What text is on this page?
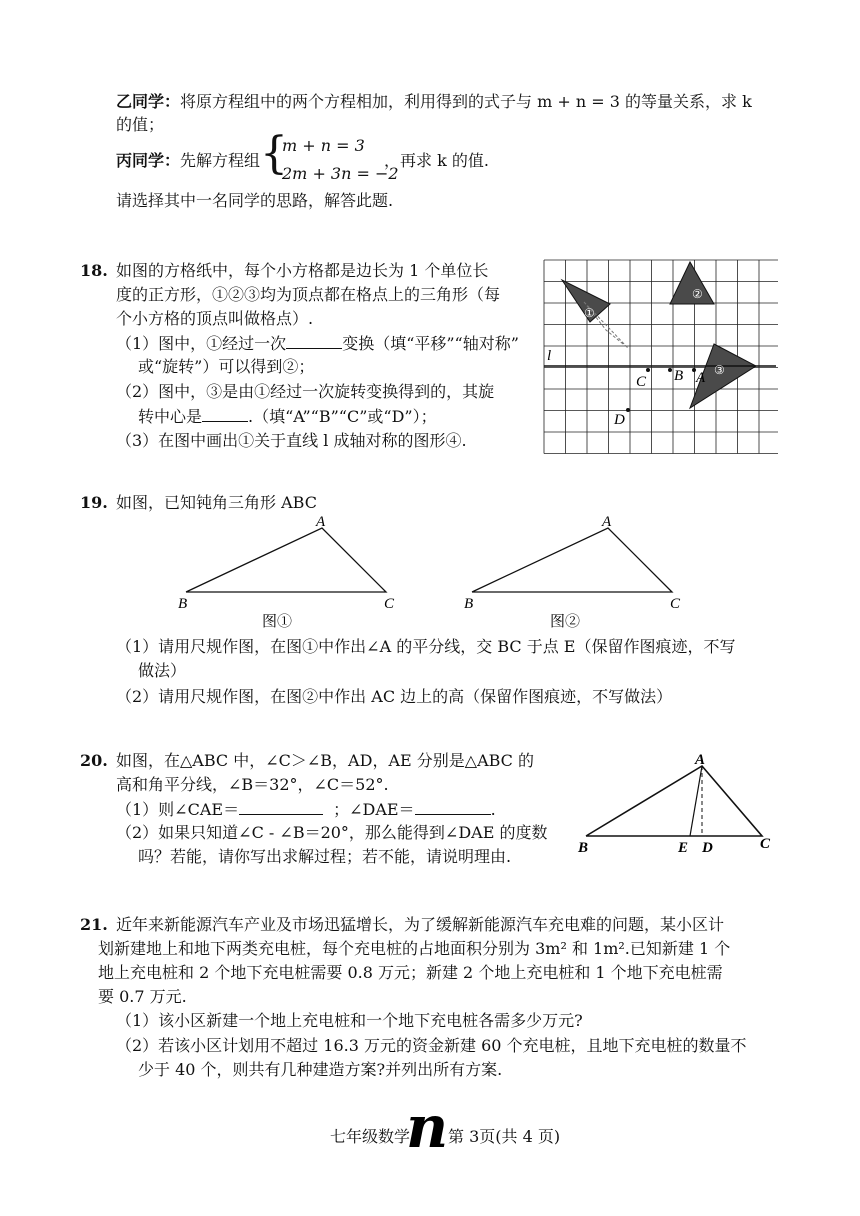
乙同学：将原方程组中的两个方程相加，利用得到的式子与 m + n = 3 的等量关系，求 k
的值；
丙同学：先解方程组 {
m + n = 3
2m + 3n = −2
，再求 k 的值.
请选择其中一名同学的思路，解答此题.
18. 如图的方格纸中，每个小方格都是边长为 1 个单位长
度的正方形，①②③均为顶点都在格点上的三角形（每
个小方格的顶点叫做格点）.
（1）图中，①经过一次	变换（填“平移”“轴对称”
或“旋转”）可以得到②；
（2）图中，③是由①经过一次旋转变换得到的，其旋
转中心是	.（填“A”“B”“C”或“D”）；
（3）在图中画出①关于直线 l 成轴对称的图形④.
l
①
②
③
C B A
D
19. 如图，已知钝角三角形 ABC
A
B	C
图①
A
B	C
图②
（1）请用尺规作图，在图①中作出∠A 的平分线，交 BC 于点 E（保留作图痕迹，不写
做法）
（2）请用尺规作图，在图②中作出 AC 边上的高（保留作图痕迹，不写做法）
20. 如图，在△ABC 中，∠C＞∠B，AD，AE 分别是△ABC 的
高和角平分线，∠B＝32°，∠C＝52°.
（1）则∠CAE＝	；∠DAE＝	.
（2）如果只知道∠C - ∠B＝20°，那么能得到∠DAE 的度数
吗？若能，请你写出求解过程；若不能，请说明理由.
A
B	C
E D
21. 近年来新能源汽车产业及市场迅猛增长，为了缓解新能源汽车充电难的问题，某小区计
划新建地上和地下两类充电桩，每个充电桩的占地面积分别为 3m² 和 1m².已知新建 1 个
地上充电桩和 2 个地下充电桩需要 0.8 万元；新建 2 个地上充电桩和 1 个地下充电桩需
要 0.7 万元.
（1）该小区新建一个地上充电桩和一个地下充电桩各需多少万元?
（2）若该小区计划用不超过 16.3 万元的资金新建 60 个充电桩，且地下充电桩的数量不
少于 40 个，则共有几种建造方案?并列出所有方案.
七年级数学
n 第 3页(共 4 页)
